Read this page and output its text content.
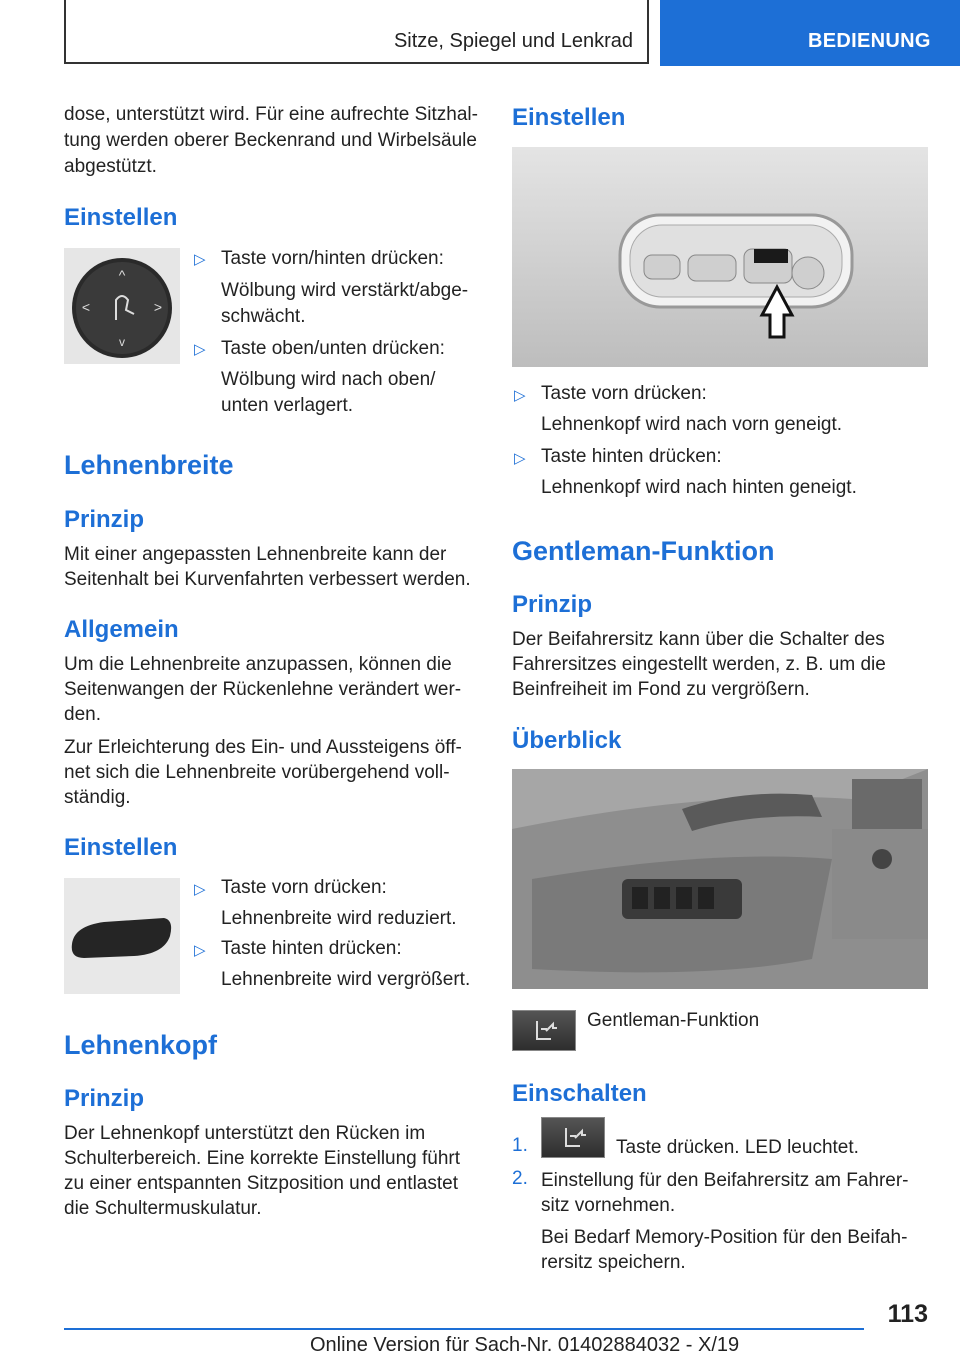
Sitze, Spiegel und Lenkrad	BEDIENUNG
dose, unterstützt wird. Für eine aufrechte Sitzhal-
tung werden oberer Beckenrand und Wirbelsäule
abgestützt.
Einstellen
^
v
<	>
▷ Taste vorn/hinten drücken:
Wölbung wird verstärkt/abge-
schwächt.
▷ Taste oben/unten drücken:
Wölbung wird nach oben/
unten verlagert.
Lehnenbreite
Prinzip
Mit einer angepassten Lehnenbreite kann der
Seitenhalt bei Kurvenfahrten verbessert werden.
Allgemein
Um die Lehnenbreite anzupassen, können die
Seitenwangen der Rückenlehne verändert wer-
den.
Zur Erleichterung des Ein- und Aussteigens öff-
net sich die Lehnenbreite vorübergehend voll-
ständig.
Einstellen
▷ Taste vorn drücken:
Lehnenbreite wird reduziert.
▷ Taste hinten drücken:
Lehnenbreite wird vergrößert.
Lehnenkopf
Prinzip
Der Lehnenkopf unterstützt den Rücken im
Schulterbereich. Eine korrekte Einstellung führt
zu einer entspannten Sitzposition und entlastet
die Schultermuskulatur.
Einstellen
▷ Taste vorn drücken:
Lehnenkopf wird nach vorn geneigt.
▷ Taste hinten drücken:
Lehnenkopf wird nach hinten geneigt.
Gentleman-Funktion
Prinzip
Der Beifahrersitz kann über die Schalter des
Fahrersitzes eingestellt werden, z. B. um die
Beinfreiheit im Fond zu vergrößern.
Überblick
Gentleman-Funktion
Einschalten
1.	Taste drücken. LED leuchtet.
2. Einstellung für den Beifahrersitz am Fahrer-
sitz vornehmen.
Bei Bedarf Memory-Position für den Beifah-
rersitz speichern.
113
Online Version für Sach-Nr. 01402884032 - X/19
